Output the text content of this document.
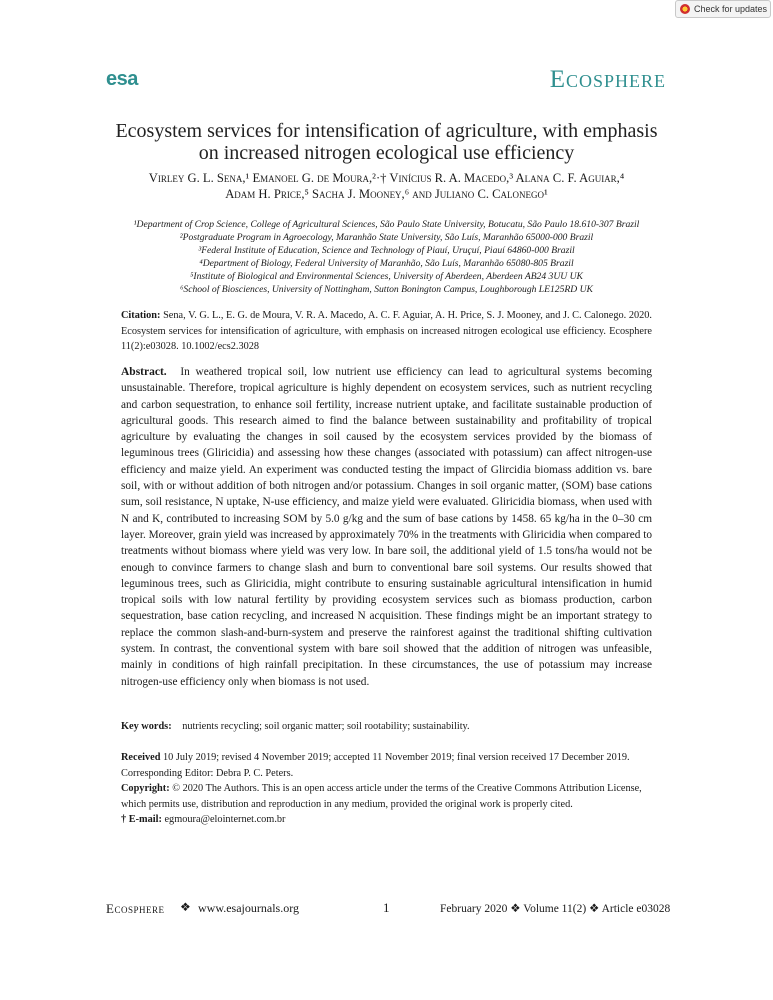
Check for updates
esa	Ecosphere
Ecosystem services for intensification of agriculture, with emphasis
on increased nitrogen ecological use efficiency
Virley G. L. Sena,¹ Emanoel G. de Moura,²·† Vinícius R. A. Macedo,³ Alana C. F. Aguiar,⁴
Adam H. Price,⁵ Sacha J. Mooney,⁶ and Juliano C. Calonego¹
¹Department of Crop Science, College of Agricultural Sciences, São Paulo State University, Botucatu, São Paulo 18.610-307 Brazil
²Postgraduate Program in Agroecology, Maranhão State University, São Luís, Maranhão 65000-000 Brazil
³Federal Institute of Education, Science and Technology of Piauí, Uruçuí, Piauí 64860-000 Brazil
⁴Department of Biology, Federal University of Maranhão, São Luís, Maranhão 65080-805 Brazil
⁵Institute of Biological and Environmental Sciences, University of Aberdeen, Aberdeen AB24 3UU UK
⁶School of Biosciences, University of Nottingham, Sutton Bonington Campus, Loughborough LE125RD UK
Citation: Sena, V. G. L., E. G. de Moura, V. R. A. Macedo, A. C. F. Aguiar, A. H. Price, S. J. Mooney, and J. C. Calonego. 2020. Ecosystem services for intensification of agriculture, with emphasis on increased nitrogen ecological use efficiency. Ecosphere 11(2):e03028. 10.1002/ecs2.3028
Abstract. In weathered tropical soil, low nutrient use efficiency can lead to agricultural systems becoming unsustainable. Therefore, tropical agriculture is highly dependent on ecosystem services, such as nutrient recycling and carbon sequestration, to enhance soil fertility, increase nutrient uptake, and facilitate sustainable production of agricultural goods. This research aimed to find the balance between sustainability and profitability of tropical agriculture by evaluating the changes in soil caused by the ecosystem services provided by the biomass of leguminous trees (Gliricidia) and assessing how these changes (associated with potassium) can affect nitrogen-use efficiency and maize yield. An experiment was conducted testing the impact of Glircidia biomass addition vs. bare soil, with or without addition of both nitrogen and/or potassium. Changes in soil organic matter, (SOM) base cations sum, soil resistance, N uptake, N-use efficiency, and maize yield were evaluated. Gliricidia biomass, when used with N and K, contributed to increasing SOM by 5.0 g/kg and the sum of base cations by 1458. 65 kg/ha in the 0–30 cm layer. Moreover, grain yield was increased by approximately 70% in the treatments with Gliricidia when compared to treatments without biomass where yield was very low. In bare soil, the additional yield of 1.5 tons/ha would not be enough to convince farmers to change slash and burn to conventional bare soil systems. Our results showed that leguminous trees, such as Gliricidia, might contribute to ensuring sustainable agricultural intensification in humid tropical soils with low natural fertility by providing ecosystem services such as biomass production, carbon sequestration, base cation recycling, and increased N acquisition. These findings might be an important strategy to replace the common slash-and-burn-system and preserve the rainforest against the traditional shifting cultivation system. In contrast, the conventional system with bare soil showed that the addition of nitrogen was unfeasible, mainly in conditions of high rainfall precipitation. In these circumstances, the use of potassium may increase nitrogen-use efficiency only when biomass is not used.
Key words: nutrients recycling; soil organic matter; soil rootability; sustainability.

Received 10 July 2019; revised 4 November 2019; accepted 11 November 2019; final version received 17 December 2019. Corresponding Editor: Debra P. C. Peters.

Copyright: © 2020 The Authors. This is an open access article under the terms of the Creative Commons Attribution License, which permits use, distribution and reproduction in any medium, provided the original work is properly cited.

† E-mail: egmoura@elointernet.com.br

Ecosphere ❖ www.esajournals.org	1	February 2020 ❖ Volume 11(2) ❖ Article e03028
